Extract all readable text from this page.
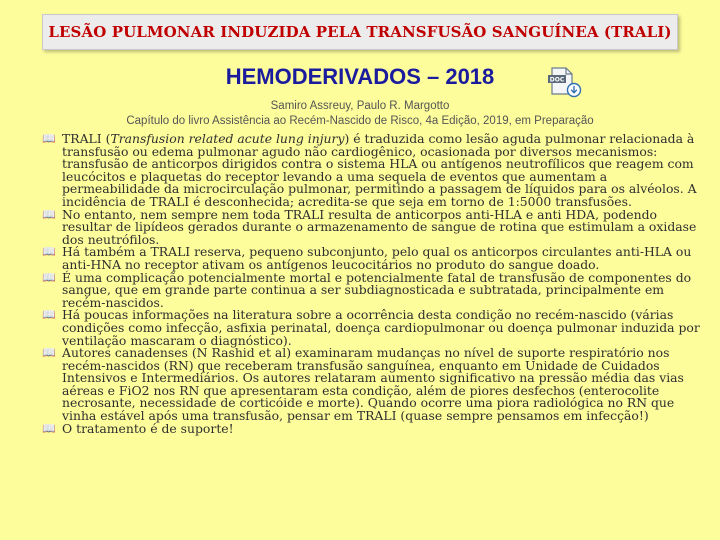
LESÃO PULMONAR INDUZIDA PELA TRANSFUSÃO SANGUÍNEA (TRALI)
HEMODERIVADOS – 2018	DOC
Samiro Assreuy, Paulo R. Margotto
Capítulo do livro Assistência ao Recém-Nascido de Risco, 4a Edição, 2019, em Preparação
📖 TRALI (Transfusion related acute lung injury) é traduzida como lesão aguda pulmonar relacionada à transfusão ou edema pulmonar agudo não cardiogênico, ocasionada por diversos mecanismos: transfusão de anticorpos dirigidos contra o sistema HLA ou antígenos neutrofílicos que reagem com leucócitos e plaquetas do receptor levando a uma sequela de eventos que aumentam a permeabilidade da microcirculação pulmonar, permitindo a passagem de líquidos para os alvéolos. A incidência de TRALI é desconhecida; acredita-se que seja em torno de 1:5000 transfusões.
📖 No entanto, nem sempre nem toda TRALI resulta de anticorpos anti-HLA e anti HDA, podendo resultar de lipídeos gerados durante o armazenamento de sangue de rotina que estimulam a oxidase dos neutrófilos.
📖 Há também a TRALI reserva, pequeno subconjunto, pelo qual os anticorpos circulantes anti-HLA ou anti-HNA no receptor ativam os antígenos leucocitários no produto do sangue doado.
📖 É uma complicação potencialmente mortal e potencialmente fatal de transfusão de componentes do sangue, que em grande parte continua a ser subdiagnosticada e subtratada, principalmente em recém-nascidos.
📖 Há poucas informações na literatura sobre a ocorrência desta condição no recém-nascido (várias condições como infecção, asfixia perinatal, doença cardiopulmonar ou doença pulmonar induzida por ventilação mascaram o diagnóstico).
📖 Autores canadenses (N Rashid et al) examinaram mudanças no nível de suporte respiratório nos recém-nascidos (RN) que receberam transfusão sanguínea, enquanto em Unidade de Cuidados Intensivos e Intermediários. Os autores relataram aumento significativo na pressão média das vias aéreas e FiO2 nos RN que apresentaram esta condição, além de piores desfechos (enterocolite necrosante, necessidade de corticóide e morte). Quando ocorre uma piora radiológica no RN que vinha estável após uma transfusão, pensar em TRALI (quase sempre pensamos em infecção!)
📖 O tratamento é de suporte!
